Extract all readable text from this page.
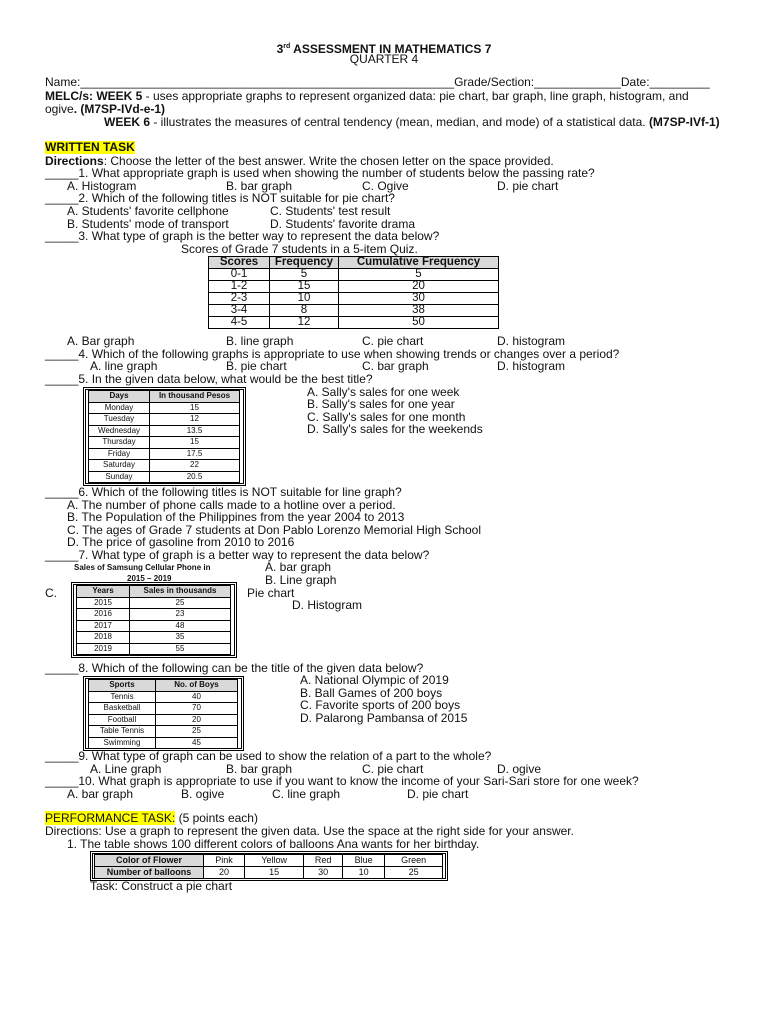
3rd ASSESSMENT IN MATHEMATICS 7
QUARTER 4
Name:________________________________________________________Grade/Section:_____________Date:_________
MELC/s: WEEK 5 - uses appropriate graphs to represent organized data: pie chart, bar graph, line graph, histogram, and
ogive. (M7SP-IVd-e-1)
WEEK 6 - illustrates the measures of central tendency (mean, median, and mode) of a statistical data. (M7SP-IVf-1)
WRITTEN TASK
Directions: Choose the letter of the best answer. Write the chosen letter on the space provided.
_____1. What appropriate graph is used when showing the number of students below the passing rate?
A. Histogram	B. bar graph	C. Ogive	D. pie chart
_____2. Which of the following titles is NOT suitable for pie chart?
A. Students' favorite cellphone	C. Students' test result
B. Students' mode of transport	D. Students' favorite drama
_____3. What type of graph is the better way to represent the data below?
Scores of Grade 7 students in a 5-item Quiz.
Scores	Frequency	Cumulative Frequency
0-1	5	5
1-2	15	20
2-3	10	30
3-4	8	38
4-5	12	50
A. Bar graph	B. line graph	C. pie chart	D. histogram
_____4. Which of the following graphs is appropriate to use when showing trends or changes over a period?
A. line graph	B. pie chart	C. bar graph	D. histogram
_____5. In the given data below, what would be the best title?
Days	In thousand Pesos
Monday	15
Tuesday	12
Wednesday	13.5
Thursday	15
Friday	17.5
Saturday	22
Sunday	20.5
A. Sally's sales for one week
B. Sally's sales for one year
C. Sally's sales for one month
D. Sally's sales for the weekends
_____6. Which of the following titles is NOT suitable for line graph?
A. The number of phone calls made to a hotline over a period.
B. The Population of the Philippines from the year 2004 to 2013
C. The ages of Grade 7 students at Don Pablo Lorenzo Memorial High School
D. The price of gasoline from 2010 to 2016
_____7. What type of graph is a better way to represent the data below?
Sales of Samsung Cellular Phone in
2015 – 2019
Years	Sales in thousands
2015	25
2016	23
2017	48
2018	35
2019	55
A. bar graph
B. Line graph
C.	Pie chart
D. Histogram
_____8. Which of the following can be the title of the given data below?
Sports	No. of Boys
Tennis	40
Basketball	70
Football	20
Table Tennis	25
Swimming	45
A. National Olympic of 2019
B. Ball Games of 200 boys
C. Favorite sports of 200 boys
D. Palarong Pambansa of 2015
_____9. What type of graph can be used to show the relation of a part to the whole?
A. Line graph	B. bar graph	C. pie chart	D. ogive
_____10. What graph is appropriate to use if you want to know the income of your Sari-Sari store for one week?
A. bar graph	B. ogive	C. line graph	D. pie chart
PERFORMANCE TASK: (5 points each)
Directions: Use a graph to represent the given data. Use the space at the right side for your answer.
1. The table shows 100 different colors of balloons Ana wants for her birthday.
Color of Flower	Pink	Yellow	Red	Blue	Green
Number of balloons	20	15	30	10	25
Task: Construct a pie chart
